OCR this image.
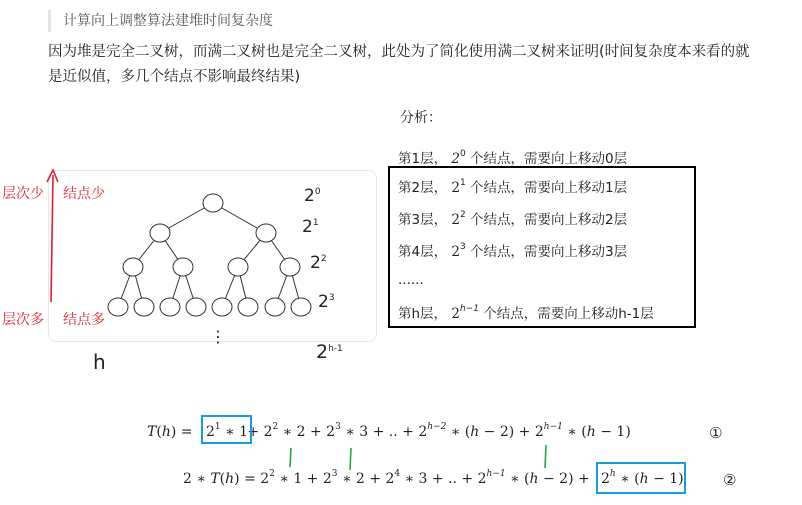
计算向上调整算法建堆时间复杂度
因为堆是完全二叉树，而满二叉树也是完全二叉树，此处为了简化使用满二叉树来证明(时间复杂度本来看的就是近似值，多几个结点不影响最终结果)
分析：
第1层， $2^0$ 个结点，需要向上移动0层
第2层， $2^1$ 个结点，需要向上移动1层
第3层， $2^2$ 个结点，需要向上移动2层
第4层， $2^3$ 个结点，需要向上移动3层
......
第h层， $2^{h-1}$ 个结点，需要向上移动h-1层
层次少 结点少
层次多 结点多
$2^0$
$2^1$
$2^2$
$2^3$
2$^{h-1}$
⋮
h
T(h) =	+ $2^2$ ∗ $2 + 2^3$ ∗ 3 + .. + $2^{h-2}$ ∗ $(h - 2) + 2^{h-1}$ ∗ (h − 1)
$2^1$ ∗ 1	①
2 ∗ $T(h) = 2^2$ ∗ $1 + 2^3$ ∗ $2 + 2^4$ ∗ 3 + .. + $2^{h-1}$ ∗ $(h - 2) + 2^h$ ∗ (h − 1)	②
